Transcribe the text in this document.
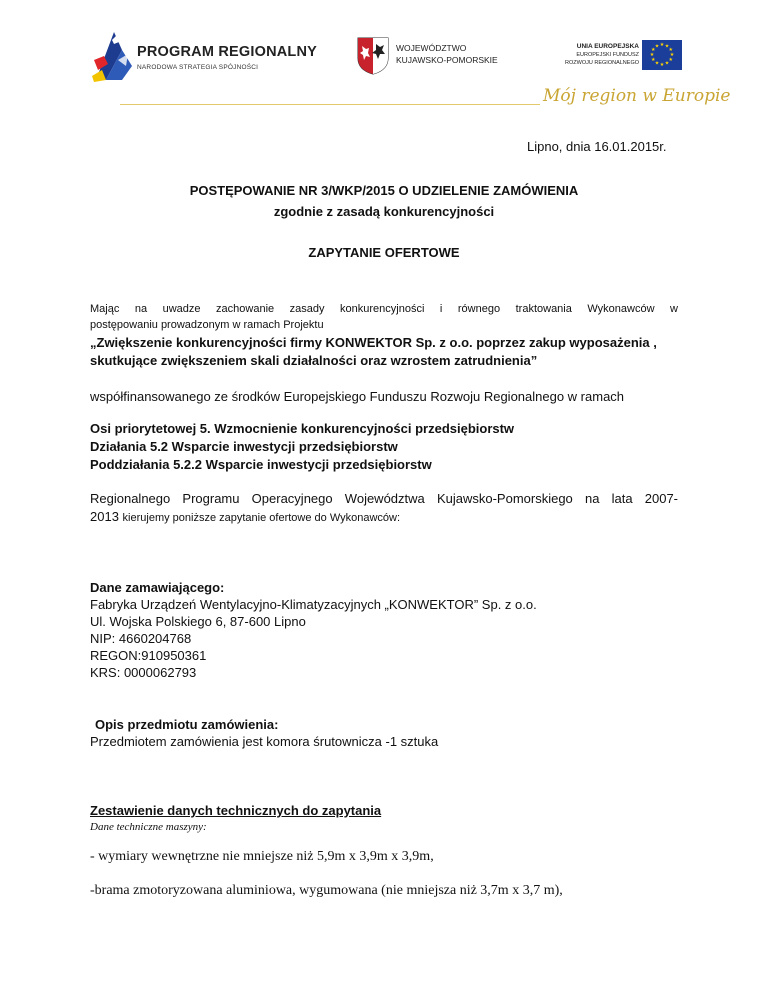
PROGRAM REGIONALNY
NARODOWA STRATEGIA SPÓJNOŚCI
WOJEWÓDZTWO
KUJAWSKO-POMORSKIE
UNIA EUROPEJSKA
EUROPEJSKI FUNDUSZ
ROZWOJU REGIONALNEGO
★ ★
★
★
★
★
★
★
★
★
★
★
Mój region w Europie
Lipno, dnia 16.01.2015r.
POSTĘPOWANIE NR 3/WKP/2015 O UDZIELENIE ZAMÓWIENIA
zgodnie z zasadą konkurencyjności
ZAPYTANIE OFERTOWE
Mając na uwadze zachowanie zasady konkurencyjności i równego traktowania Wykonawców w
postępowaniu prowadzonym w ramach Projektu
„Zwiększenie konkurencyjności firmy KONWEKTOR Sp. z o.o. poprzez zakup wyposażenia ,
skutkujące zwiększeniem skali działalności oraz wzrostem zatrudnienia”
współfinansowanego ze środków Europejskiego Funduszu Rozwoju Regionalnego w ramach
Osi priorytetowej 5. Wzmocnienie konkurencyjności przedsiębiorstw
Działania 5.2 Wsparcie inwestycji przedsiębiorstw
Poddziałania 5.2.2 Wsparcie inwestycji przedsiębiorstw
Regionalnego Programu Operacyjnego Województwa Kujawsko-Pomorskiego na lata 2007-
2013 kierujemy poniższe zapytanie ofertowe do Wykonawców:
Dane zamawiającego:
Fabryka Urządzeń Wentylacyjno-Klimatyzacyjnych „KONWEKTOR” Sp. z o.o.
Ul. Wojska Polskiego 6, 87-600 Lipno
NIP: 4660204768
REGON:910950361
KRS: 0000062793
Opis przedmiotu zamówienia:
Przedmiotem zamówienia jest komora śrutownicza -1 sztuka
Zestawienie danych technicznych do zapytania
Dane techniczne maszyny:
- wymiary wewnętrzne nie mniejsze niż 5,9m x 3,9m x 3,9m,
-brama zmotoryzowana aluminiowa, wygumowana (nie mniejsza niż 3,7m x 3,7 m),
